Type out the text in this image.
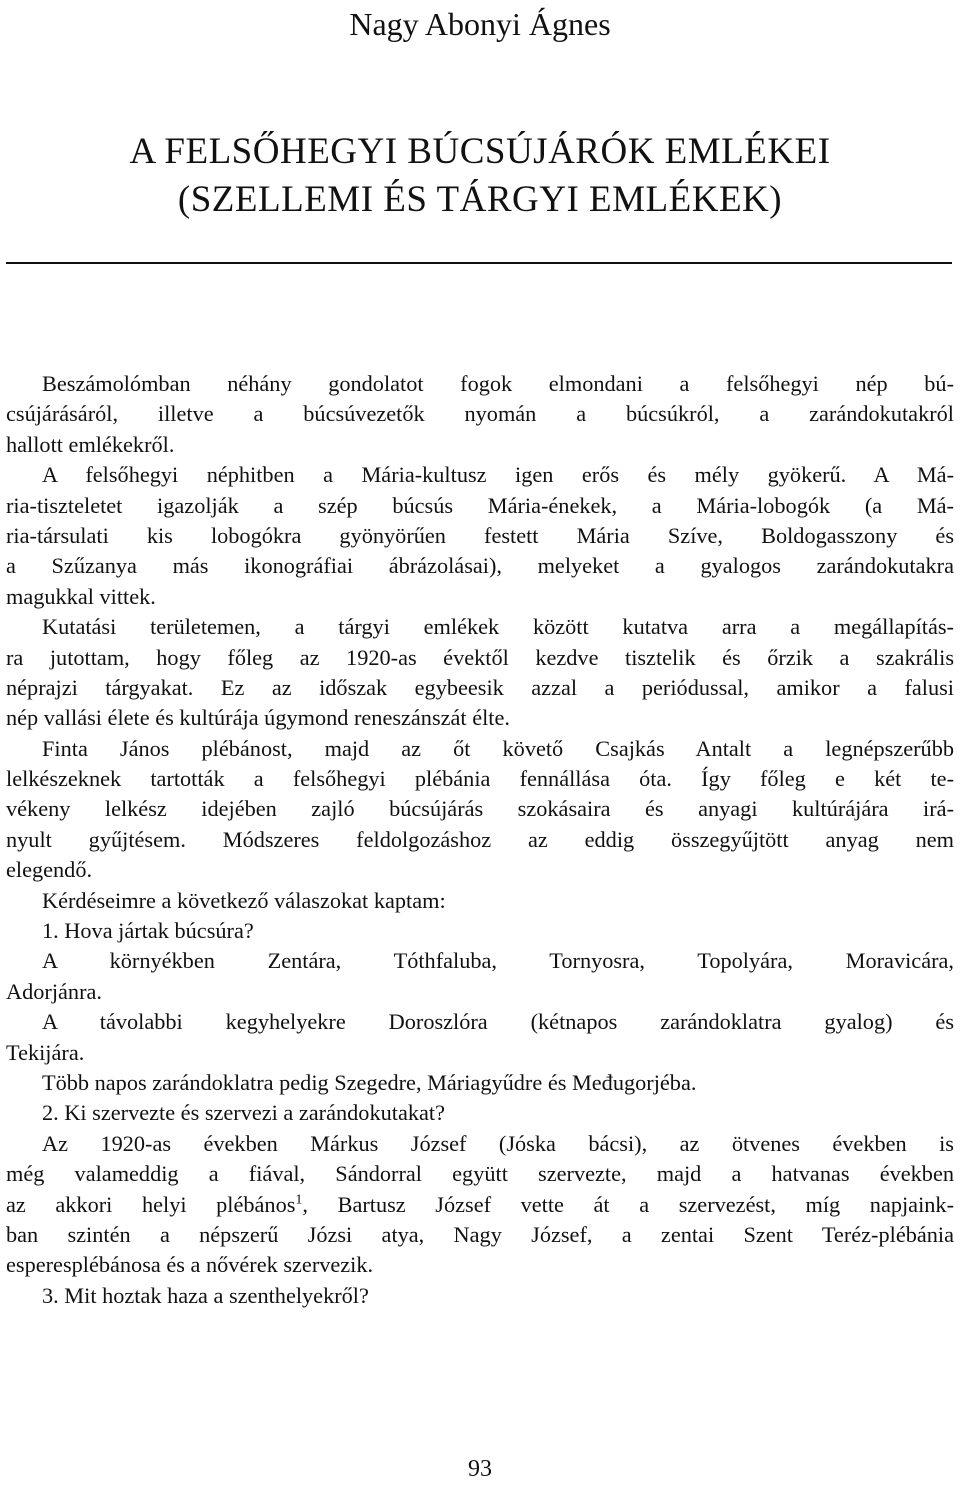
Nagy Abonyi Ágnes
A FELSŐHEGYI BÚCSÚJÁRÓK EMLÉKEI
(SZELLEMI ÉS TÁRGYI EMLÉKEK)
Beszámolómban néhány gondolatot fogok elmondani a felsőhegyi nép bú-
csújárásáról, illetve a búcsúvezetők nyomán a búcsúkról, a zarándokutakról
hallott emlékekről.
A felsőhegyi néphitben a Mária-kultusz igen erős és mély gyökerű. A Má-
ria-tiszteletet igazolják a szép búcsús Mária-énekek, a Mária-lobogók (a Má-
ria-társulati kis lobogókra gyönyörűen festett Mária Szíve, Boldogasszony és
a Szűzanya más ikonográfiai ábrázolásai), melyeket a gyalogos zarándokutakra
magukkal vittek.
Kutatási területemen, a tárgyi emlékek között kutatva arra a megállapítás-
ra jutottam, hogy főleg az 1920-as évektől kezdve tisztelik és őrzik a szakrális
néprajzi tárgyakat. Ez az időszak egybeesik azzal a periódussal, amikor a falusi
nép vallási élete és kultúrája úgymond reneszánszát élte.
Finta János plébánost, majd az őt követő Csajkás Antalt a legnépszerűbb
lelkészeknek tartották a felsőhegyi plébánia fennállása óta. Így főleg e két te-
vékeny lelkész idejében zajló búcsújárás szokásaira és anyagi kultúrájára irá-
nyult gyűjtésem. Módszeres feldolgozáshoz az eddig összegyűjtött anyag nem
elegendő.
Kérdéseimre a következő válaszokat kaptam:
1. Hova jártak búcsúra?
A környékben Zentára, Tóthfaluba, Tornyosra, Topolyára, Moravicára,
Adorjánra.
A távolabbi kegyhelyekre Doroszlóra (kétnapos zarándoklatra gyalog) és
Tekijára.
Több napos zarándoklatra pedig Szegedre, Máriagyűdre és Međugorjéba.
2. Ki szervezte és szervezi a zarándokutakat?
Az 1920-as években Márkus József (Jóska bácsi), az ötvenes években is
még valameddig a fiával, Sándorral együtt szervezte, majd a hatvanas években
az akkori helyi plébános$^1$, Bartusz József vette át a szervezést, míg napjaink-
ban szintén a népszerű Józsi atya, Nagy József, a zentai Szent Teréz-plébánia
esperesplébánosa és a nővérek szervezik.
3. Mit hoztak haza a szenthelyekről?
93
